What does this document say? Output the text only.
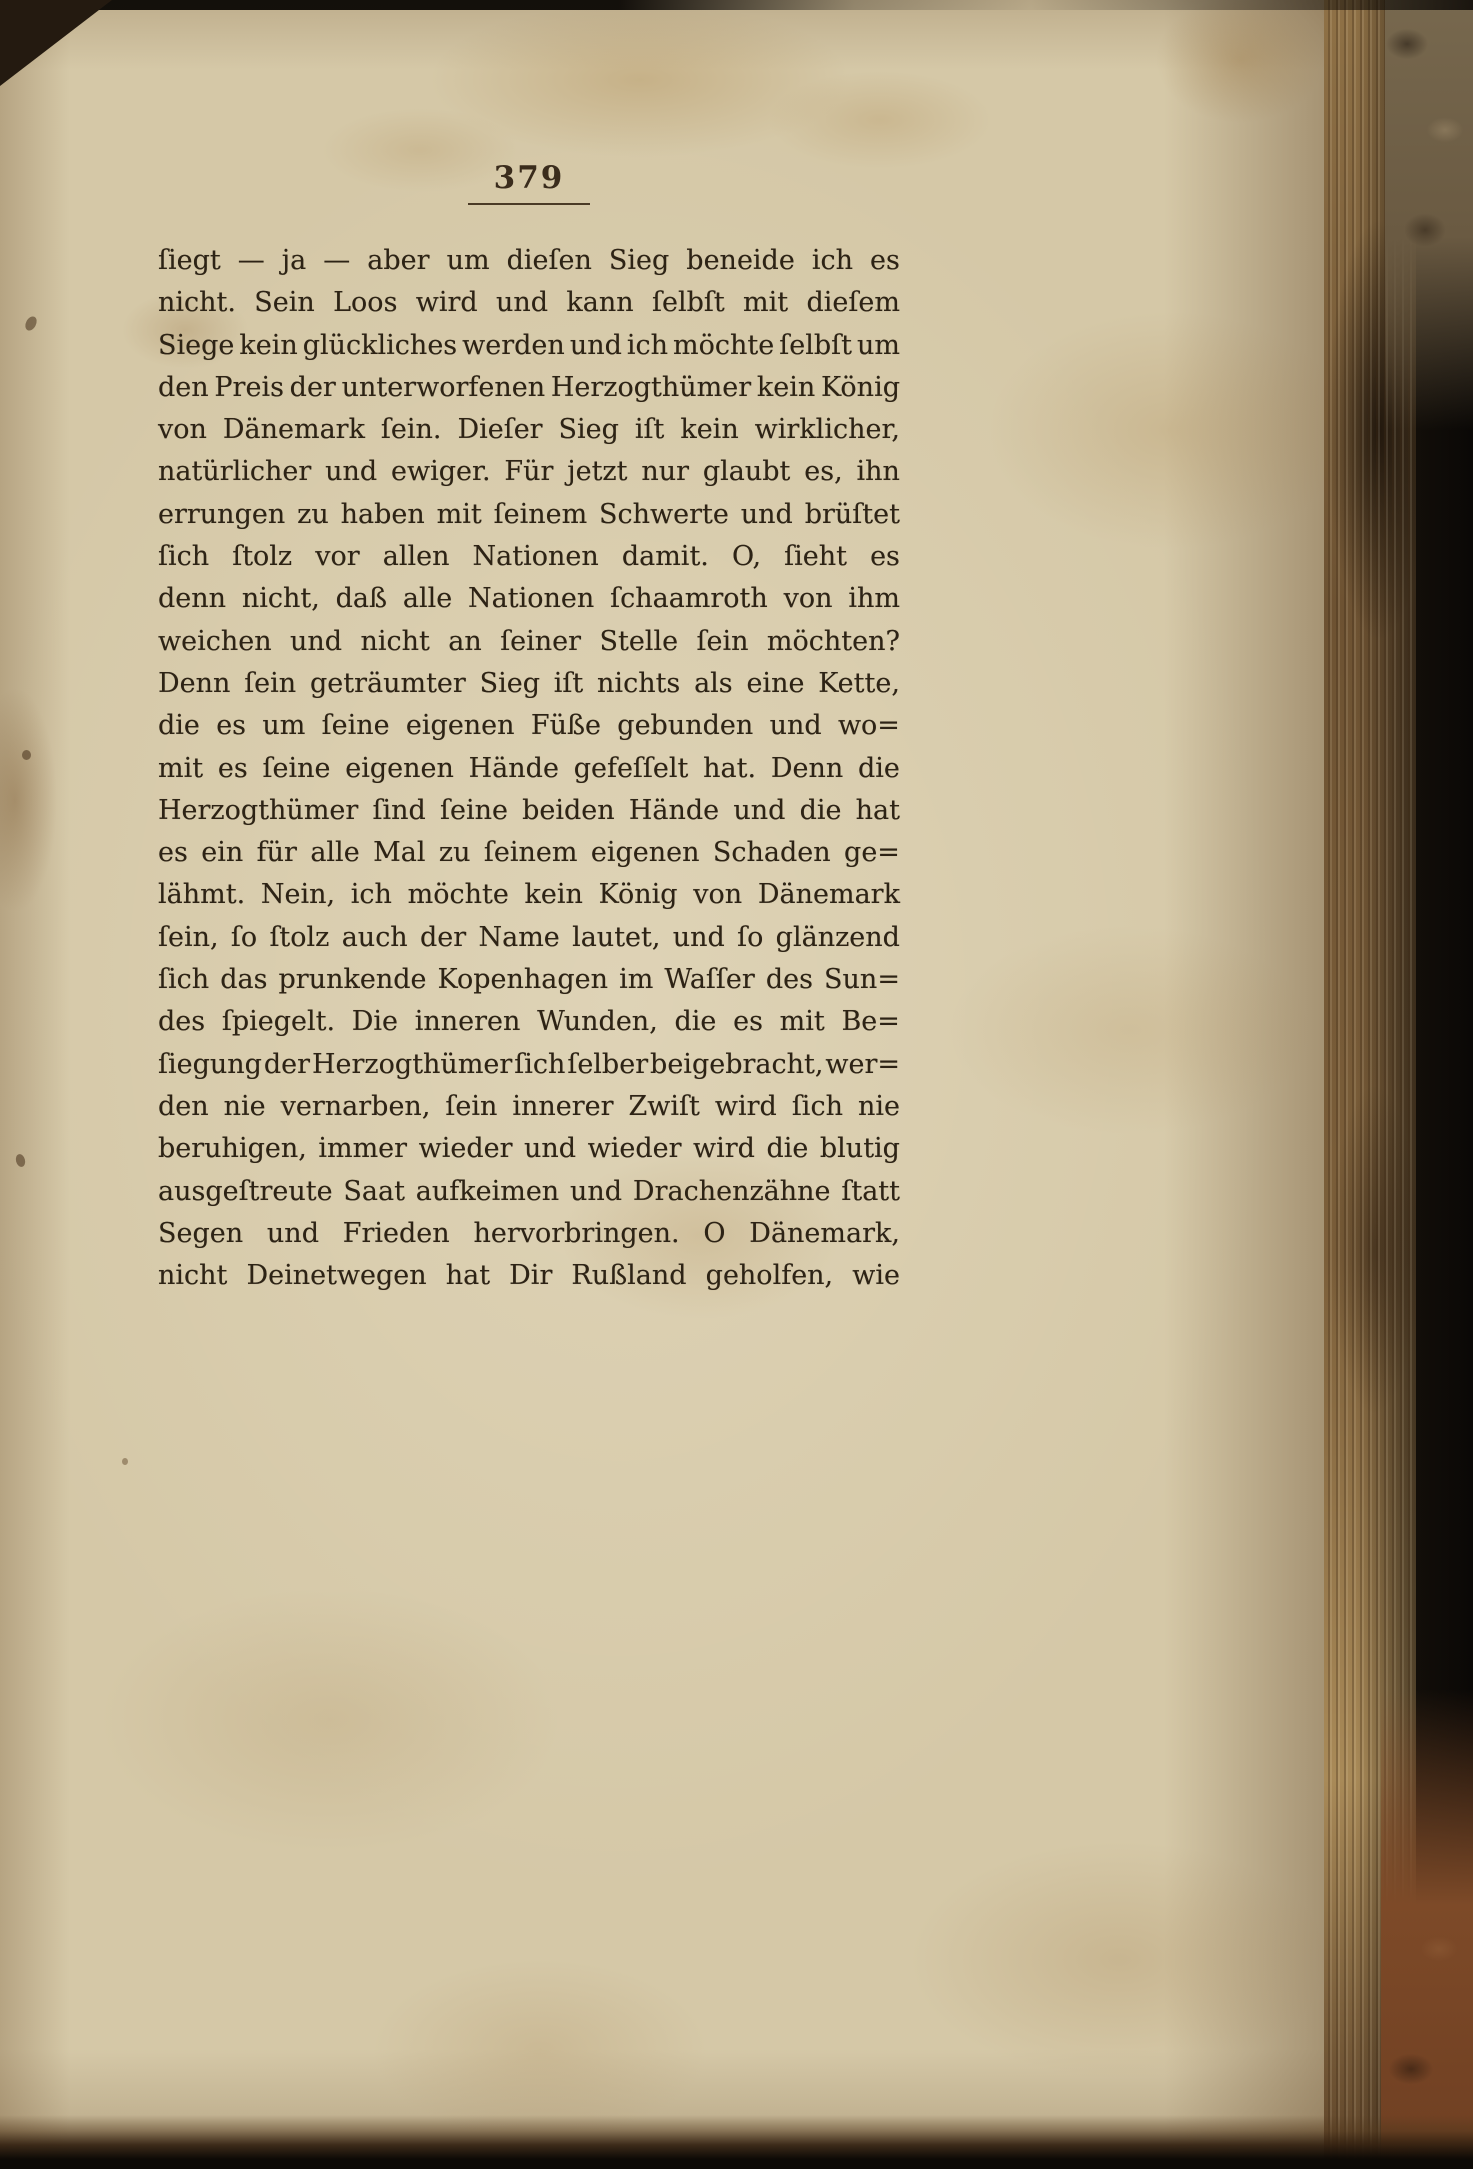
379
ſiegt — ja — aber um dieſen Sieg beneide ich es
nicht. Sein Loos wird und kann ſelbſt mit dieſem
Siege kein glückliches werden und ich möchte ſelbſt um
den Preis der unterworfenen Herzogthümer kein König
von Dänemark ſein. Dieſer Sieg iſt kein wirklicher,
natürlicher und ewiger. Für jetzt nur glaubt es, ihn
errungen zu haben mit ſeinem Schwerte und brüſtet
ſich ſtolz vor allen Nationen damit. O, ſieht es
denn nicht, daß alle Nationen ſchaamroth von ihm
weichen und nicht an ſeiner Stelle ſein möchten?
Denn ſein geträumter Sieg iſt nichts als eine Kette,
die es um ſeine eigenen Füße gebunden und wo=
mit es ſeine eigenen Hände gefeſſelt hat. Denn die
Herzogthümer ſind ſeine beiden Hände und die hat
es ein für alle Mal zu ſeinem eigenen Schaden ge=
lähmt. Nein, ich möchte kein König von Dänemark
ſein, ſo ſtolz auch der Name lautet, und ſo glänzend
ſich das prunkende Kopenhagen im Waſſer des Sun=
des ſpiegelt. Die inneren Wunden, die es mit Be=
ſiegung der Herzogthümer ſich ſelber beigebracht, wer=
den nie vernarben, ſein innerer Zwiſt wird ſich nie
beruhigen, immer wieder und wieder wird die blutig
ausgeſtreute Saat aufkeimen und Drachenzähne ſtatt
Segen und Frieden hervorbringen. O Dänemark,
nicht Deinetwegen hat Dir Rußland geholfen, wie
